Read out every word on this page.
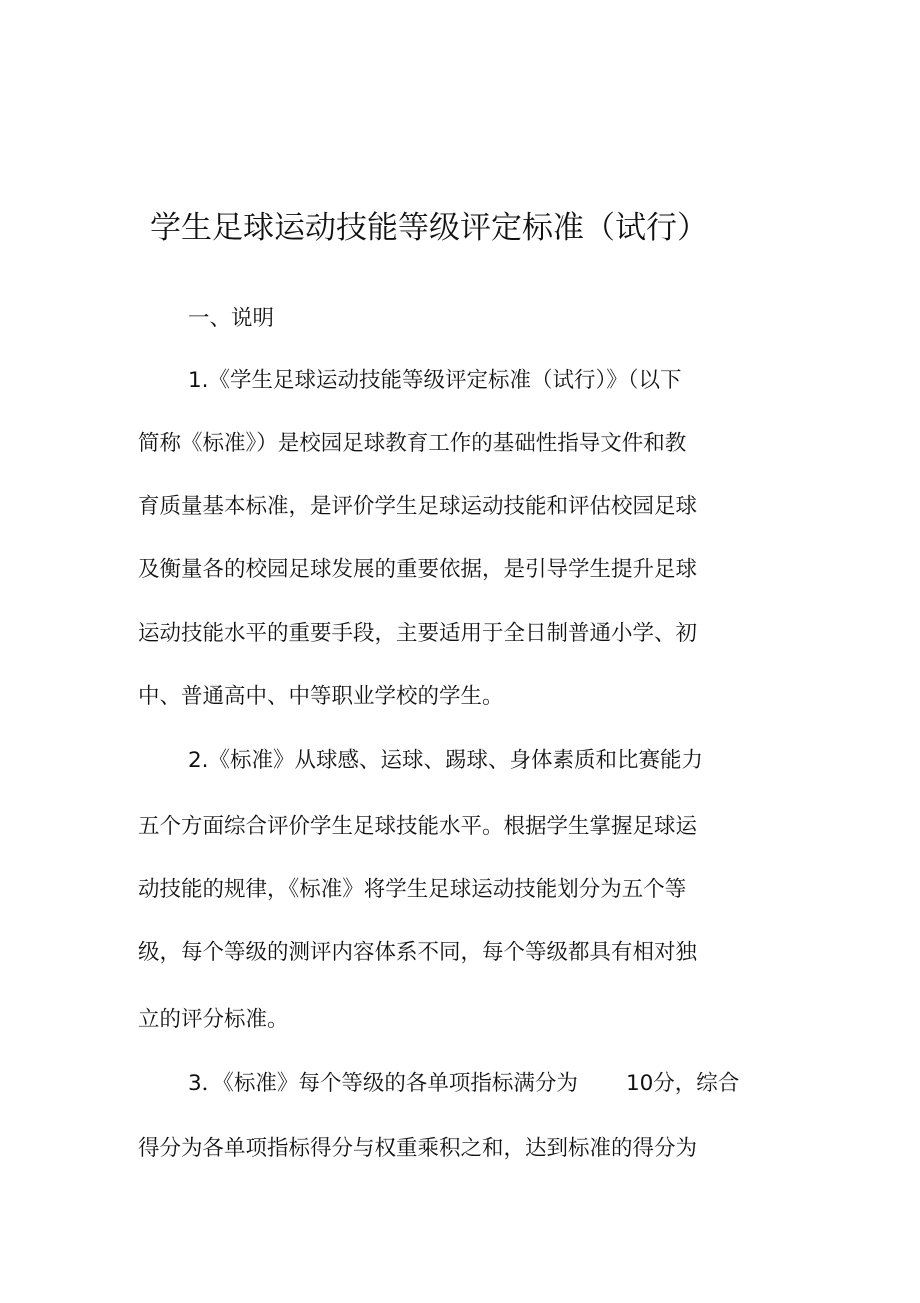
学生足球运动技能等级评定标准（试行）
一、说明
1.《学生足球运动技能等级评定标准（试行）》（以下
简称《标准》）是校园足球教育工作的基础性指导文件和教
育质量基本标准，是评价学生足球运动技能和评估校园足球
及衡量各的校园足球发展的重要依据，是引导学生提升足球
运动技能水平的重要手段，主要适用于全日制普通小学、初
中、普通高中、中等职业学校的学生。
2.《标准》从球感、运球、踢球、身体素质和比赛能力
五个方面综合评价学生足球技能水平。根据学生掌握足球运
动技能的规律，《标准》将学生足球运动技能划分为五个等
级，每个等级的测评内容体系不同，每个等级都具有相对独
立的评分标准。
3．《标准》每个等级的各单项指标满分为 10分，综合
得分为各单项指标得分与权重乘积之和，达到标准的得分为
